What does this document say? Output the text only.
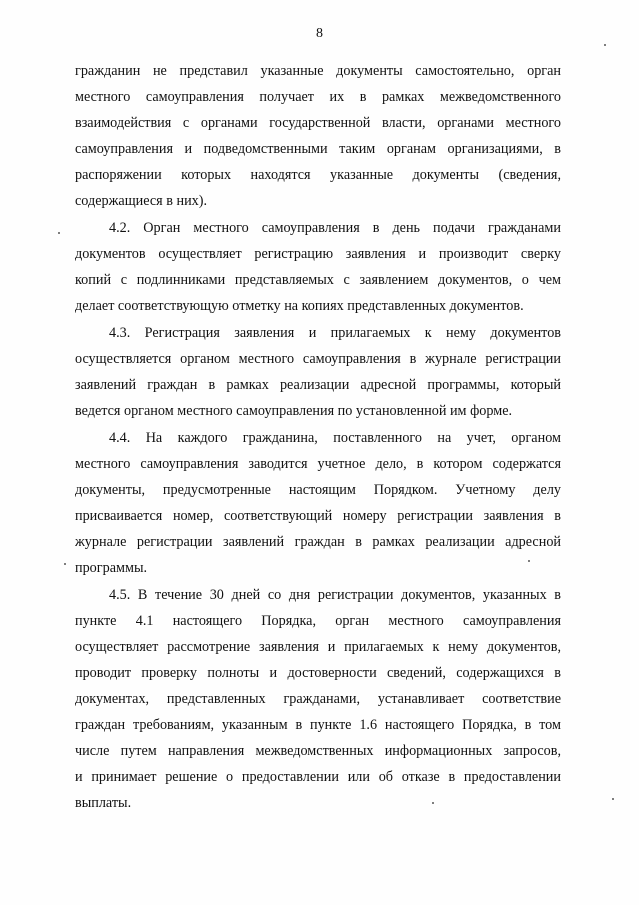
8

гражданин не представил указанные документы самостоятельно, орган
местного самоуправления получает их в рамках межведомственного
взаимодействия с органами государственной власти, органами местного
самоуправления и подведомственными таким органам организациями, в
распоряжении которых находятся указанные документы (сведения,
содержащиеся в них).

4.2. Орган местного самоуправления в день подачи гражданами
документов осуществляет регистрацию заявления и производит сверку
копий с подлинниками представляемых с заявлением документов, о чем
делает соответствующую отметку на копиях представленных документов.

4.3. Регистрация заявления и прилагаемых к нему документов
осуществляется органом местного самоуправления в журнале регистрации
заявлений граждан в рамках реализации адресной программы, который
ведется органом местного самоуправления по установленной им форме.

4.4. На каждого гражданина, поставленного на учет, органом
местного самоуправления заводится учетное дело, в котором содержатся
документы, предусмотренные настоящим Порядком. Учетному делу
присваивается номер, соответствующий номеру регистрации заявления в
журнале регистрации заявлений граждан в рамках реализации адресной
программы.

4.5. В течение 30 дней со дня регистрации документов, указанных в
пункте 4.1 настоящего Порядка, орган местного самоуправления
осуществляет рассмотрение заявления и прилагаемых к нему документов,
проводит проверку полноты и достоверности сведений, содержащихся в
документах, представленных гражданами, устанавливает соответствие
граждан требованиям, указанным в пункте 1.6 настоящего Порядка, в том
числе путем направления межведомственных информационных запросов,
и принимает решение о предоставлении или об отказе в предоставлении
выплаты.
